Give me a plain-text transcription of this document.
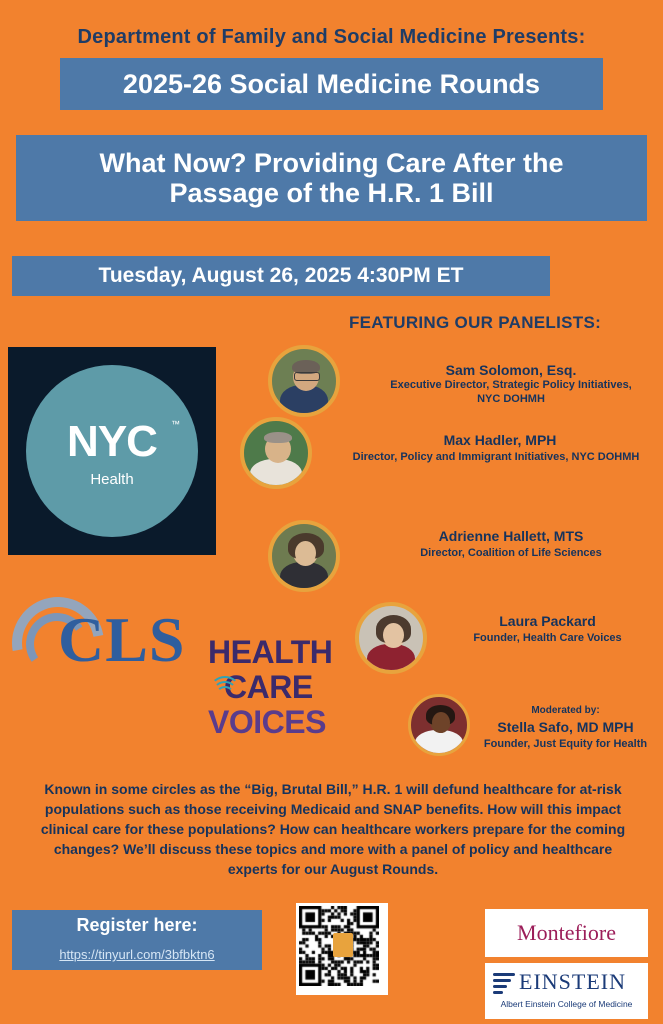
Department of Family and Social Medicine Presents:
2025-26 Social Medicine Rounds
What Now? Providing Care After the
Passage of the H.R. 1 Bill
Tuesday, August 26, 2025 4:30PM ET
FEATURING OUR PANELISTS:
NYC	™
Health
Sam Solomon, Esq.
Executive Director, Strategic Policy Initiatives,
NYC DOHMH
Max Hadler, MPH
Director, Policy and Immigrant Initiatives, NYC DOHMH
Adrienne Hallett, MTS
Director, Coalition of Life Sciences
Laura Packard
Founder, Health Care Voices
Moderated by:
Stella Safo, MD MPH
Founder, Just Equity for Health
CLS HEALTH
CARE
VOICES
Known in some circles as the “Big, Brutal Bill,” H.R. 1 will defund healthcare for at-risk populations such as those receiving Medicaid and SNAP benefits. How will this impact clinical care for these populations? How can healthcare workers prepare for the coming changes? We’ll discuss these topics and more with a panel of policy and healthcare experts for our August Rounds.
Register here:
https://tinyurl.com/3bfbktn6
Montefiore
EINSTEIN
Albert Einstein College of Medicine
